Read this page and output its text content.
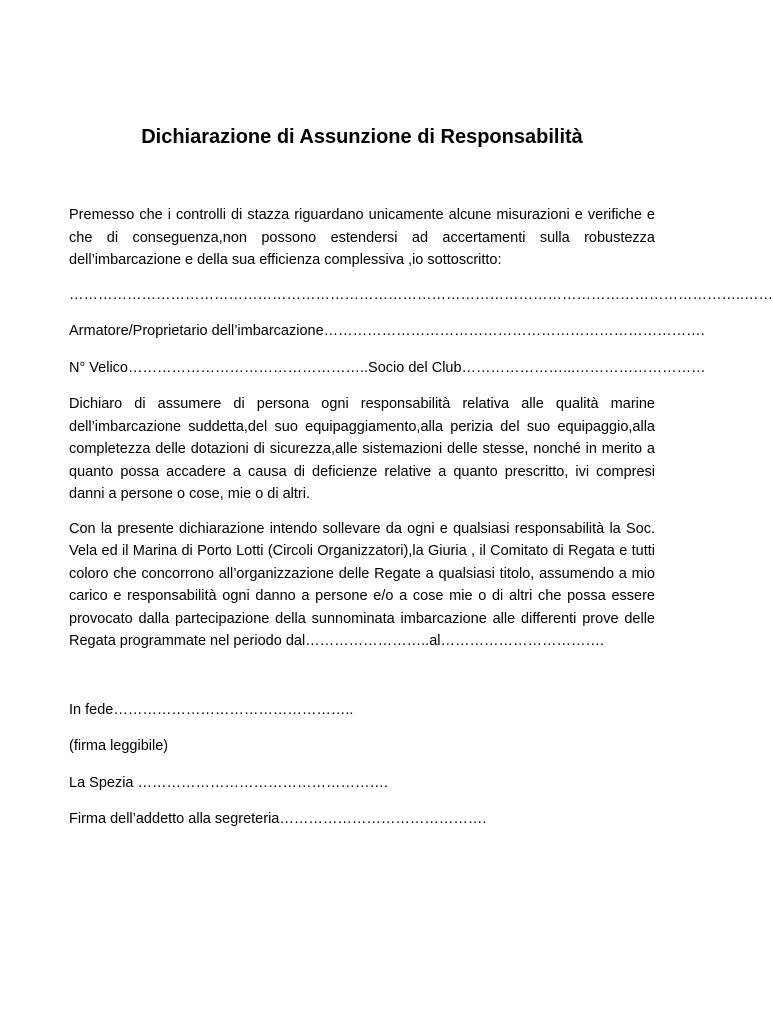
Dichiarazione di Assunzione di Responsabilità

Premesso che i controlli di stazza riguardano unicamente alcune misurazioni e verifiche e che di conseguenza,non possono estendersi ad accertamenti sulla robustezza dell’imbarcazione e della sua efficienza complessiva ,io sottoscritto:

…………………………………………………………………………………………………………………………..……

Armatore/Proprietario dell’imbarcazione…………………………………………………………………….

N° Velico…………………………………………..Socio del Club…………………...………………………

Dichiaro di assumere di persona ogni responsabilità relativa alle qualità marine dell’imbarcazione suddetta,del suo equipaggiamento,alla perizia del suo equipaggio,alla completezza delle dotazioni di sicurezza,alle sistemazioni delle stesse, nonché in merito a quanto possa accadere a causa di deficienze relative a quanto prescritto, ivi compresi danni a persone o cose, mie o di altri.

Con la presente dichiarazione intendo sollevare da ogni e qualsiasi responsabilità la Soc. Vela ed il Marina di Porto Lotti (Circoli Organizzatori),la Giuria , il Comitato di Regata e tutti coloro che concorrono all’organizzazione delle Regate a qualsiasi titolo, assumendo a mio carico e responsabilità ogni danno a persone e/o a cose mie o di altri che possa essere provocato dalla partecipazione della sunnominata imbarcazione alle differenti prove delle Regata programmate nel periodo dal……………………..al…………………………….

In fede…………………………………………..

(firma leggibile)

La Spezia …………………………………………….

Firma dell’addetto alla segreteria…………………………………….
